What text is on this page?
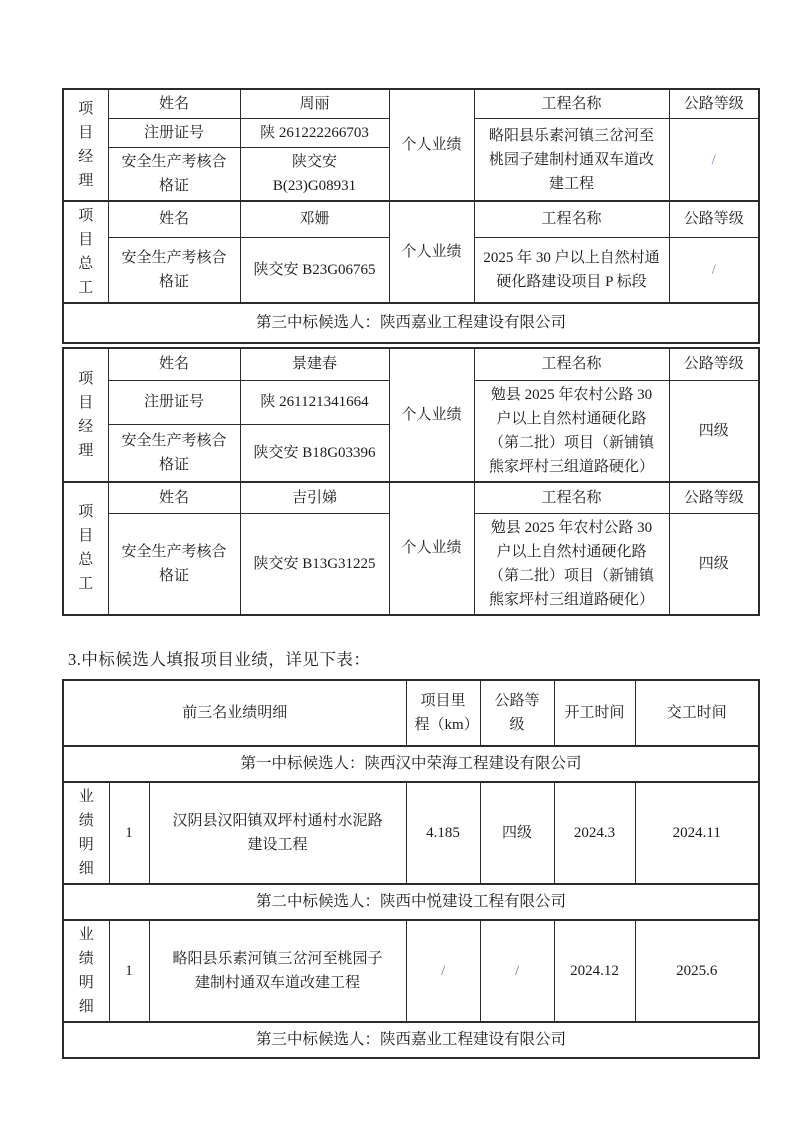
项目经理	姓名	周丽	个人业绩	工程名称	公路等级
	注册证号	陕 261222266703		略阳县乐素河镇三岔河至桃园子建制村通双车道改建工程	/
	安全生产考核合格证	陕交安 B(23)G08931			
项目总工	姓名	邓姗	个人业绩	工程名称	公路等级
	安全生产考核合格证	陕交安 B23G06765		2025 年 30 户以上自然村通硬化路建设项目 P 标段	/
第三中标候选人：陕西嘉业工程建设有限公司					
项目经理	姓名	景建春	个人业绩	工程名称	公路等级
	注册证号	陕 261121341664		勉县 2025 年农村公路 30 户以上自然村通硬化路（第二批）项目（新铺镇熊家坪村三组道路硬化）	四级
	安全生产考核合格证	陕交安 B18G03396			
项目总工	姓名	吉引娣	个人业绩	工程名称	公路等级
	安全生产考核合格证	陕交安 B13G31225		勉县 2025 年农村公路 30 户以上自然村通硬化路（第二批）项目（新铺镇熊家坪村三组道路硬化）	四级
3.中标候选人填报项目业绩，详见下表：
前三名业绩明细			项目里程（km）	公路等级	开工时间	交工时间
第一中标候选人：陕西汉中荣海工程建设有限公司						
业绩明细	1	汉阴县汉阳镇双坪村通村水泥路建设工程	4.185	四级	2024.3	2024.11
第二中标候选人：陕西中悦建设工程有限公司						
业绩明细	1	略阳县乐素河镇三岔河至桃园子建制村通双车道改建工程	/	/	2024.12	2025.6
第三中标候选人：陕西嘉业工程建设有限公司						
